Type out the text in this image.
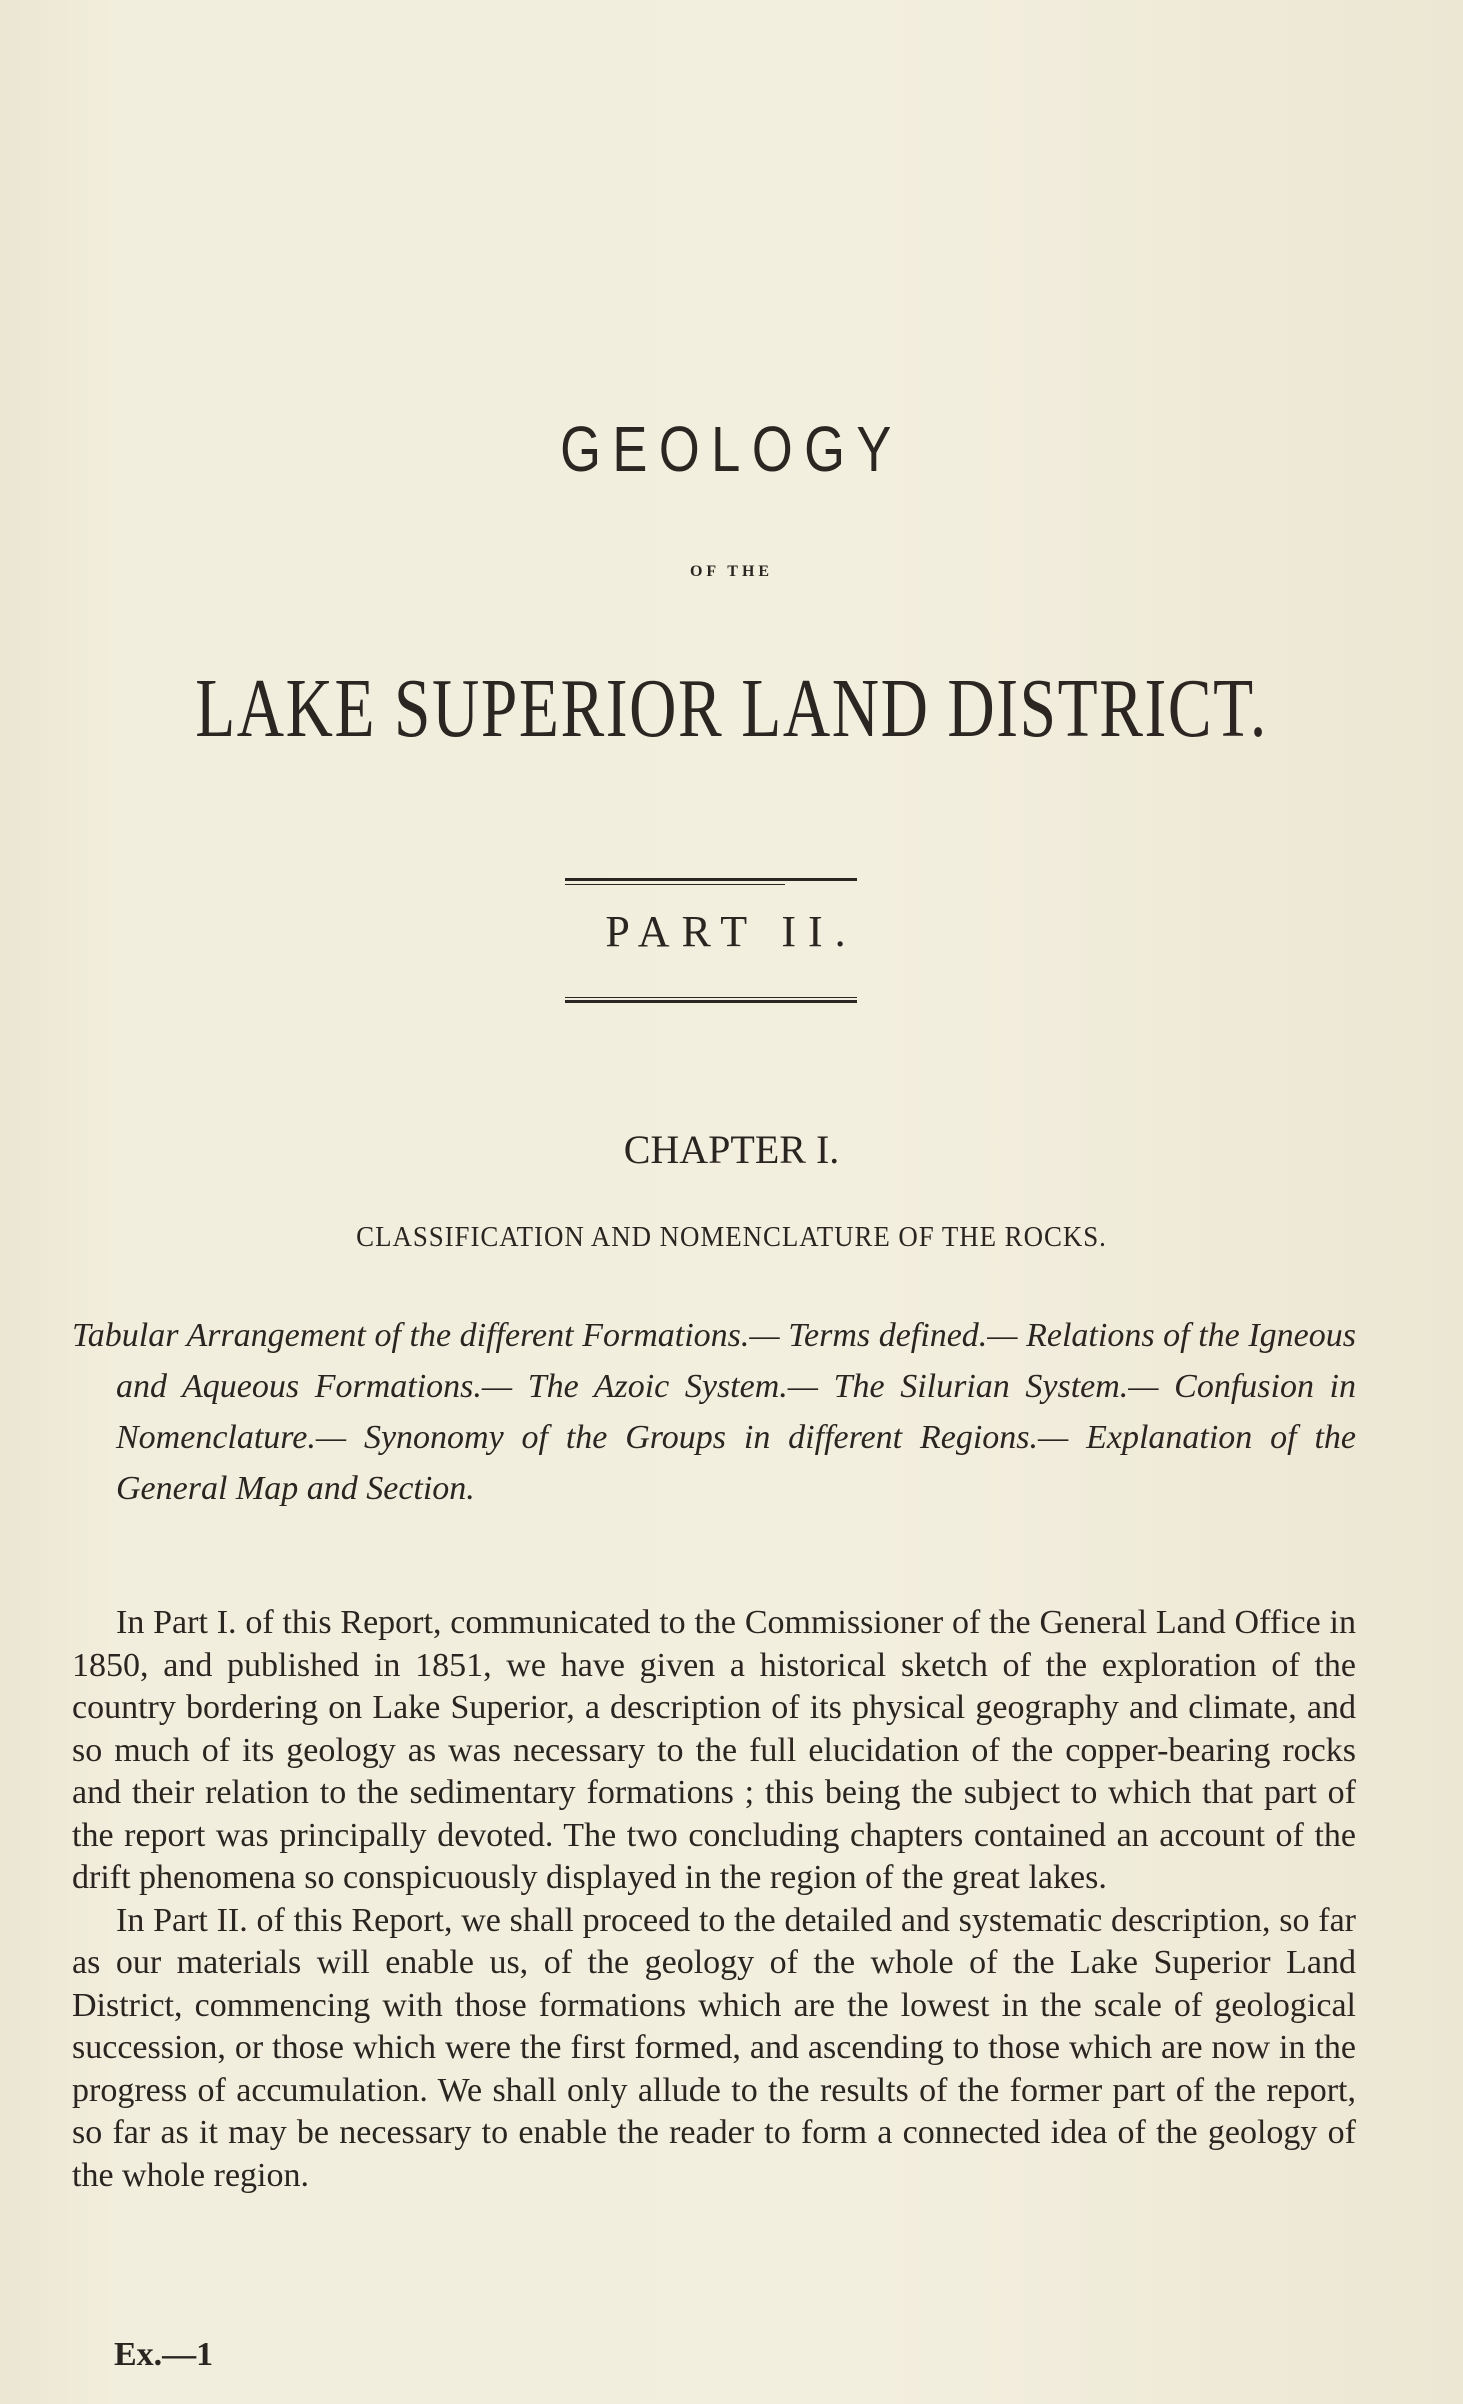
GEOLOGY
OF THE
LAKE SUPERIOR LAND DISTRICT.
PART II.
CHAPTER I.
CLASSIFICATION AND NOMENCLATURE OF THE ROCKS.

Tabular Arrangement of the different Formations.— Terms defined.— Relations of the Igneous and Aqueous Formations.— The Azoic System.— The Silurian System.— Confusion in Nomenclature.— Synonomy of the Groups in different Regions.— Explanation of the General Map and Section.

In Part I. of this Report, communicated to the Commissioner of the General Land Office in 1850, and published in 1851, we have given a historical sketch of the exploration of the country bordering on Lake Superior, a description of its physical geography and climate, and so much of its geology as was necessary to the full elucidation of the copper-bearing rocks and their relation to the sedimentary formations ; this being the subject to which that part of the report was principally devoted. The two concluding chapters contained an account of the drift phenomena so conspicuously displayed in the region of the great lakes.

In Part II. of this Report, we shall proceed to the detailed and systematic description, so far as our materials will enable us, of the geology of the whole of the Lake Superior Land District, commencing with those formations which are the lowest in the scale of geological succession, or those which were the first formed, and ascending to those which are now in the progress of accumulation. We shall only allude to the results of the former part of the report, so far as it may be necessary to enable the reader to form a connected idea of the geology of the whole region.

Ex.—1
